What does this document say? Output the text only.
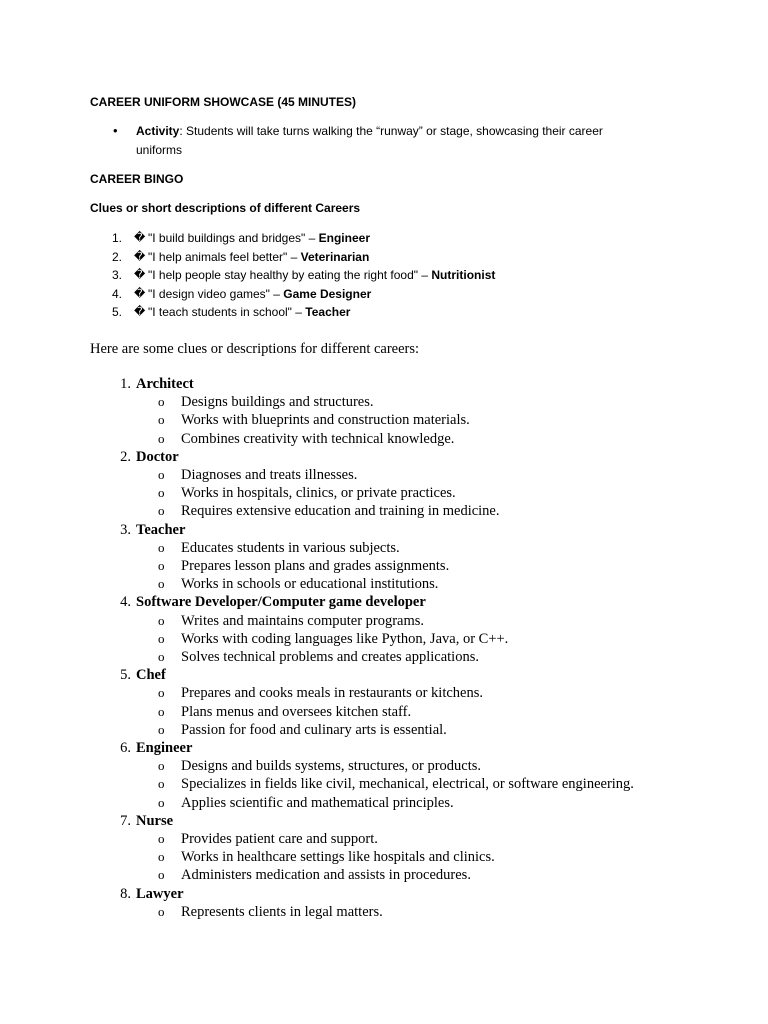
CAREER UNIFORM SHOWCASE (45 MINUTES)
• Activity: Students will take turns walking the “runway” or stage, showcasing their career
uniforms
CAREER BINGO
Clues or short descriptions of different Careers
1. � "I build buildings and bridges" – Engineer
2. � "I help animals feel better" – Veterinarian
3. � "I help people stay healthy by eating the right food" – Nutritionist
4. � "I design video games" – Game Designer
5. � "I teach students in school" – Teacher
Here are some clues or descriptions for different careers:
1. Architect
o Designs buildings and structures.
o Works with blueprints and construction materials.
o Combines creativity with technical knowledge.
2. Doctor
o Diagnoses and treats illnesses.
o Works in hospitals, clinics, or private practices.
o Requires extensive education and training in medicine.
3. Teacher
o Educates students in various subjects.
o Prepares lesson plans and grades assignments.
o Works in schools or educational institutions.
4. Software Developer/Computer game developer
o Writes and maintains computer programs.
o Works with coding languages like Python, Java, or C++.
o Solves technical problems and creates applications.
5. Chef
o Prepares and cooks meals in restaurants or kitchens.
o Plans menus and oversees kitchen staff.
o Passion for food and culinary arts is essential.
6. Engineer
o Designs and builds systems, structures, or products.
o Specializes in fields like civil, mechanical, electrical, or software engineering.
o Applies scientific and mathematical principles.
7. Nurse
o Provides patient care and support.
o Works in healthcare settings like hospitals and clinics.
o Administers medication and assists in procedures.
8. Lawyer
o Represents clients in legal matters.
